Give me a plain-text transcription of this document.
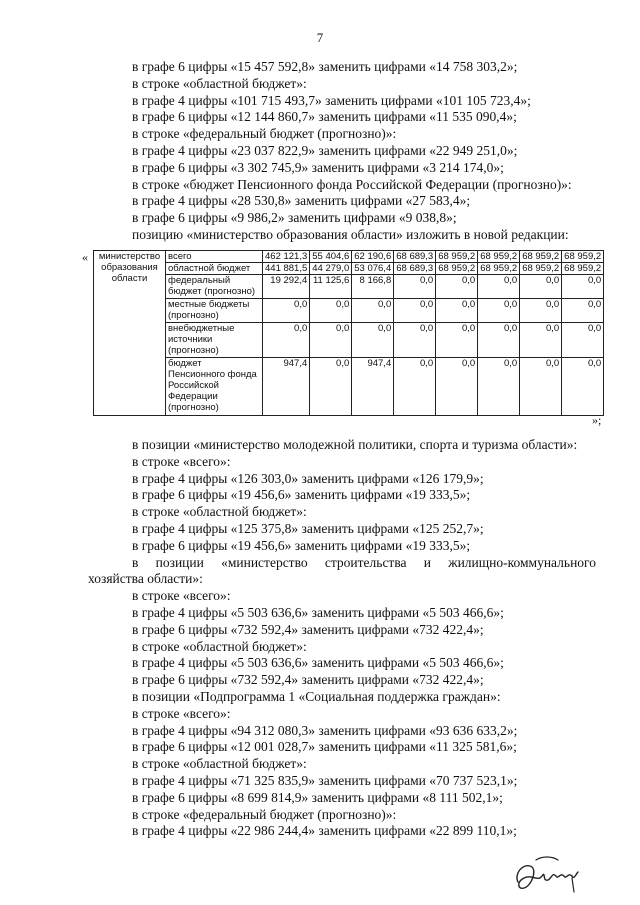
7
в графе 6 цифры «15 457 592,8» заменить цифрами «14 758 303,2»;
в строке «областной бюджет»:
в графе 4 цифры «101 715 493,7» заменить цифрами «101 105 723,4»;
в графе 6 цифры «12 144 860,7» заменить цифрами «11 535 090,4»;
в строке «федеральный бюджет (прогнозно)»:
в графе 4 цифры «23 037 822,9» заменить цифрами «22 949 251,0»;
в графе 6 цифры «3 302 745,9» заменить цифрами «3 214 174,0»;
в строке «бюджет Пенсионного фонда Российской Федерации (прогнозно)»:
в графе 4 цифры «28 530,8» заменить цифрами «27 583,4»;
в графе 6 цифры «9 986,2» заменить цифрами «9 038,8»;
позицию «министерство образования области» изложить в новой редакции:
« министерство образования области	всего	462 121,3	55 404,6	62 190,6	68 689,3	68 959,2	68 959,2	68 959,2	68 959,2
	областной бюджет	441 881,5	44 279,0	53 076,4	68 689,3	68 959,2	68 959,2	68 959,2	68 959,2
	федеральный бюджет (прогнозно)	19 292,4	11 125,6	8 166,8	0,0	0,0	0,0	0,0	0,0
	местные бюджеты (прогнозно)	0,0	0,0	0,0	0,0	0,0	0,0	0,0	0,0
	внебюджетные источники (прогнозно)	0,0	0,0	0,0	0,0	0,0	0,0	0,0	0,0
	бюджет Пенсионного фонда Российской Федерации (прогнозно)	947,4	0,0	947,4	0,0	0,0	0,0	0,0	0,0
»;
в позиции «министерство молодежной политики, спорта и туризма области»:
в строке «всего»:
в графе 4 цифры «126 303,0» заменить цифрами «126 179,9»;
в графе 6 цифры «19 456,6» заменить цифрами «19 333,5»;
в строке «областной бюджет»:
в графе 4 цифры «125 375,8» заменить цифрами «125 252,7»;
в графе 6 цифры «19 456,6» заменить цифрами «19 333,5»;
в позиции «министерство строительства и жилищно-коммунального
хозяйства области»:
в строке «всего»:
в графе 4 цифры «5 503 636,6» заменить цифрами «5 503 466,6»;
в графе 6 цифры «732 592,4» заменить цифрами «732 422,4»;
в строке «областной бюджет»:
в графе 4 цифры «5 503 636,6» заменить цифрами «5 503 466,6»;
в графе 6 цифры «732 592,4» заменить цифрами «732 422,4»;
в позиции «Подпрограмма 1 «Социальная поддержка граждан»:
в строке «всего»:
в графе 4 цифры «94 312 080,3» заменить цифрами «93 636 633,2»;
в графе 6 цифры «12 001 028,7» заменить цифрами «11 325 581,6»;
в строке «областной бюджет»:
в графе 4 цифры «71 325 835,9» заменить цифрами «70 737 523,1»;
в графе 6 цифры «8 699 814,9» заменить цифрами «8 111 502,1»;
в строке «федеральный бюджет (прогнозно)»:
в графе 4 цифры «22 986 244,4» заменить цифрами «22 899 110,1»;
